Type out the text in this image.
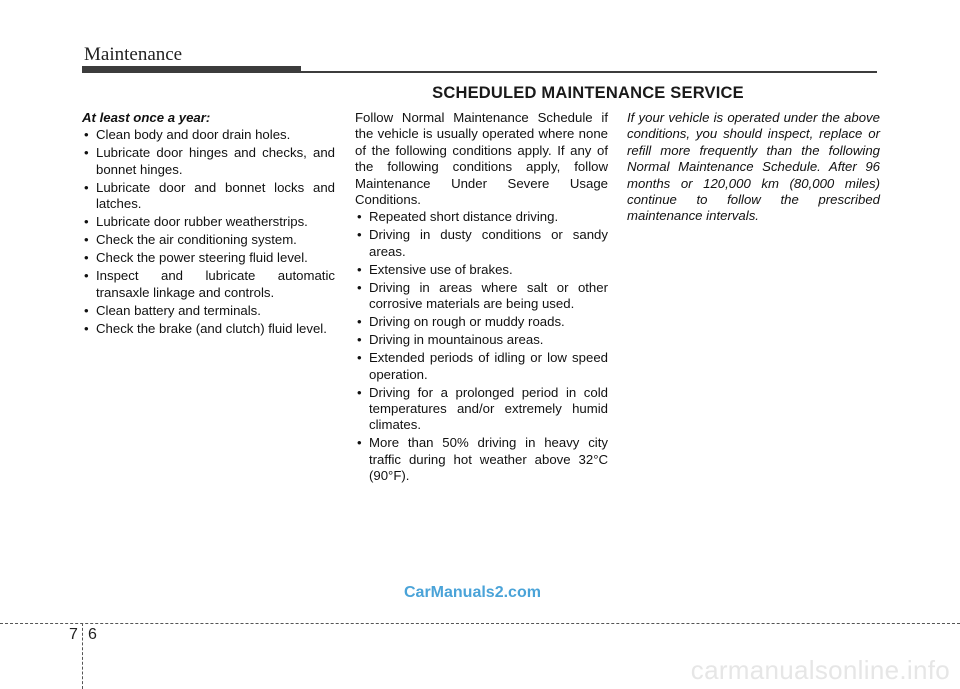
Maintenance
SCHEDULED MAINTENANCE SERVICE
At least once a year:
• Clean body and door drain holes.
• Lubricate door hinges and checks, and bonnet hinges.
• Lubricate door and bonnet locks and latches.
• Lubricate door rubber weatherstrips.
• Check the air conditioning system.
• Check the power steering fluid level.
• Inspect and lubricate automatic transaxle linkage and controls.
• Clean battery and terminals.
• Check the brake (and clutch) fluid level.
Follow Normal Maintenance Schedule if the vehicle is usually operated where none of the following conditions apply. If any of the following conditions apply, follow Maintenance Under Severe Usage Conditions.
• Repeated short distance driving.
• Driving in dusty conditions or sandy areas.
• Extensive use of brakes.
• Driving in areas where salt or other corrosive materials are being used.
• Driving on rough or muddy roads.
• Driving in mountainous areas.
• Extended periods of idling or low speed operation.
• Driving for a prolonged period in cold temperatures and/or extremely humid climates.
• More than 50% driving in heavy city traffic during hot weather above 32°C (90°F).
If your vehicle is operated under the above conditions, you should inspect, replace or refill more frequently than the following Normal Maintenance Schedule. After 96 months or 120,000 km (80,000 miles) continue to follow the prescribed maintenance intervals.
CarManuals2.com
7 6
carmanualsonline.info
